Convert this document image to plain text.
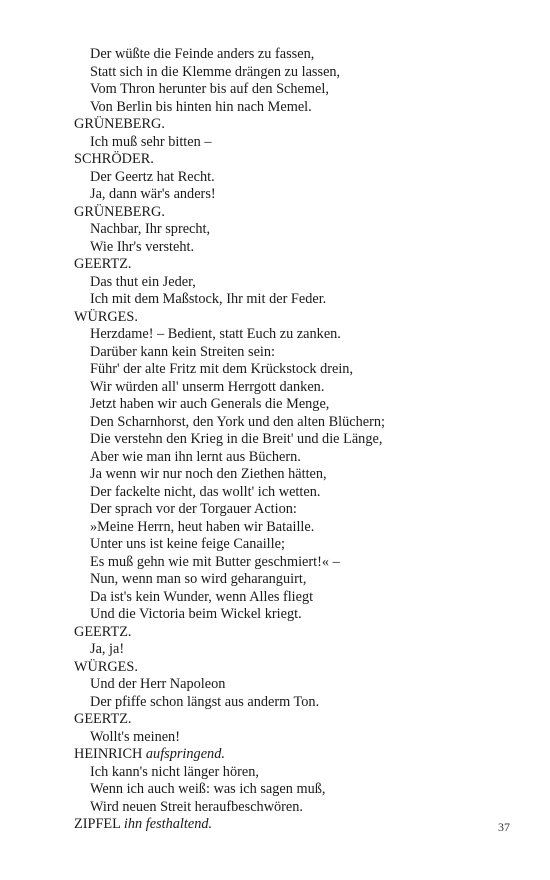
Der wüßte die Feinde anders zu fassen,
Statt sich in die Klemme drängen zu lassen,
Vom Thron herunter bis auf den Schemel,
Von Berlin bis hinten hin nach Memel.
GRÜNEBERG.
Ich muß sehr bitten –
SCHRÖDER.
Der Geertz hat Recht.
Ja, dann wär's anders!
GRÜNEBERG.
Nachbar, Ihr sprecht,
Wie Ihr's versteht.
GEERTZ.
Das thut ein Jeder,
Ich mit dem Maßstock, Ihr mit der Feder.
WÜRGES.
Herzdame! – Bedient, statt Euch zu zanken.
Darüber kann kein Streiten sein:
Führ' der alte Fritz mit dem Krückstock drein,
Wir würden all' unserm Herrgott danken.
Jetzt haben wir auch Generals die Menge,
Den Scharnhorst, den York und den alten Blüchern;
Die verstehn den Krieg in die Breit' und die Länge,
Aber wie man ihn lernt aus Büchern.
Ja wenn wir nur noch den Ziethen hätten,
Der fackelte nicht, das wollt' ich wetten.
Der sprach vor der Torgauer Action:
»Meine Herrn, heut haben wir Bataille.
Unter uns ist keine feige Canaille;
Es muß gehn wie mit Butter geschmiert!« –
Nun, wenn man so wird geharanguirt,
Da ist's kein Wunder, wenn Alles fliegt
Und die Victoria beim Wickel kriegt.
GEERTZ.
Ja, ja!
WÜRGES.
Und der Herr Napoleon
Der pfiffe schon längst aus anderm Ton.
GEERTZ.
Wollt's meinen!
HEINRICH aufspringend.
Ich kann's nicht länger hören,
Wenn ich auch weiß: was ich sagen muß,
Wird neuen Streit heraufbeschwören.
ZIPFEL ihn festhaltend.	37
